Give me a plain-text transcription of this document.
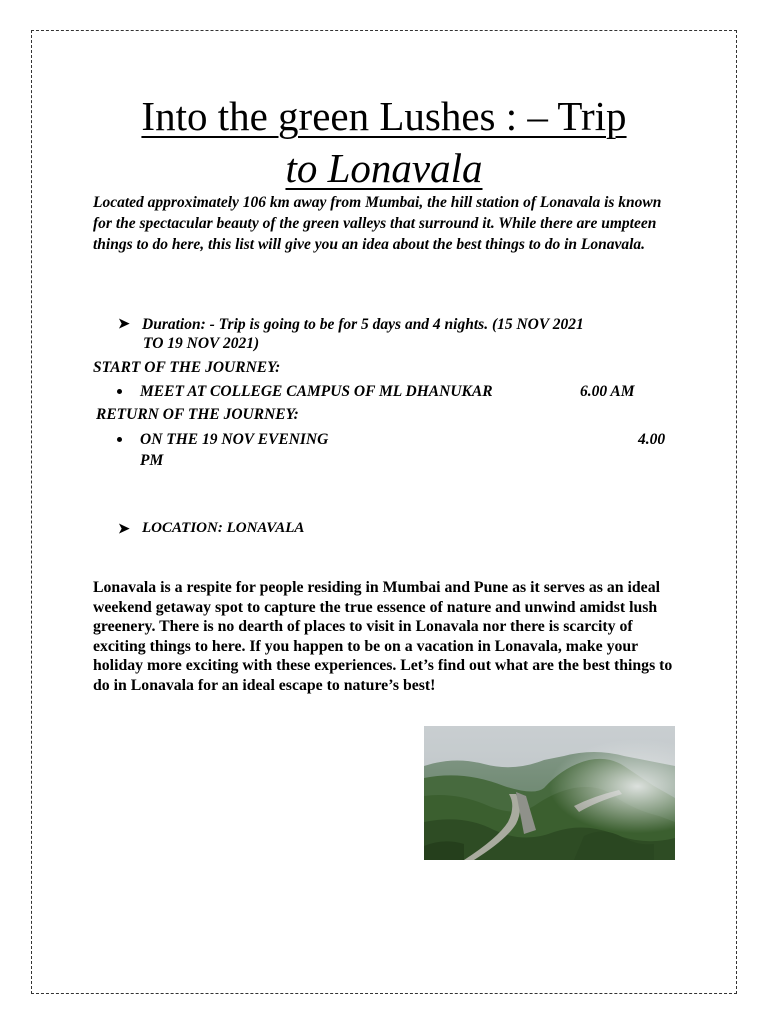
Into the green Lushes : – Trip
to Lonavala
Located approximately 106 km away from Mumbai, the hill station of Lonavala is known for the spectacular beauty of the green valleys that surround it. While there are umpteen things to do here, this list will give you an idea about the best things to do in Lonavala.
➤ Duration: - Trip is going to be for 5 days and 4 nights. (15 NOV 2021
TO 19 NOV 2021)
START OF THE JOURNEY:
MEET AT COLLEGE CAMPUS OF ML DHANUKAR	6.00 AM
RETURN OF THE JOURNEY:
ON THE 19 NOV EVENING	4.00
PM
➤ LOCATION: LONAVALA
Lonavala is a respite for people residing in Mumbai and Pune as it serves as an ideal weekend getaway spot to capture the true essence of nature and unwind amidst lush greenery. There is no dearth of places to visit in Lonavala nor there is scarcity of exciting things to here. If you happen to be on a vacation in Lonavala, make your holiday more exciting with these experiences. Let’s find out what are the best things to do in Lonavala for an ideal escape to nature’s best!
